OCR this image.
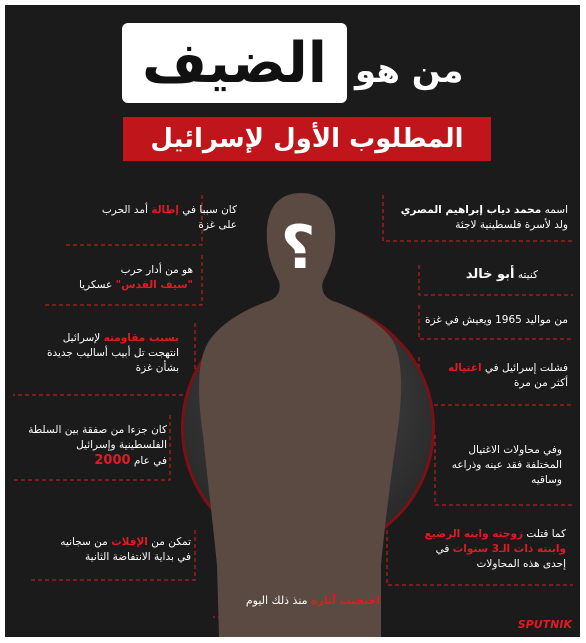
؟
الضيف من هو
المطلوب الأول لإسرائيل
اسمه محمد دياب إبراهيم المصري
ولد لأسرة فلسطينية لاجئة
كنيته أبو خالد
من مواليد 1965 ويعيش في غزة
فشلت إسرائيل في اغتياله
أكثر من مرة
وفي محاولات الاغتيال
المختلفة فقد عينه وذراعه
وساقيه
كما قتلت زوجته وابنه الرضيع
وابنته ذات الـ3 سنوات في
إحدى هذه المحاولات
كان سببا في إطالة أمد الحرب
على غزة
هو من أدار حرب
"سيف القدس" عسكريا
بسبب مقاومته لإسرائيل
انتهجت تل أبيب أساليب جديدة
بشأن غزة
كان جزءا من صفقة بين السلطة
الفلسطينية وإسرائيل
في عام 2000
تمكن من الإفلات من سجانيه
في بداية الانتفاضة الثانية
احتجبت آثاره منذ ذلك اليوم
SPUTNIK
